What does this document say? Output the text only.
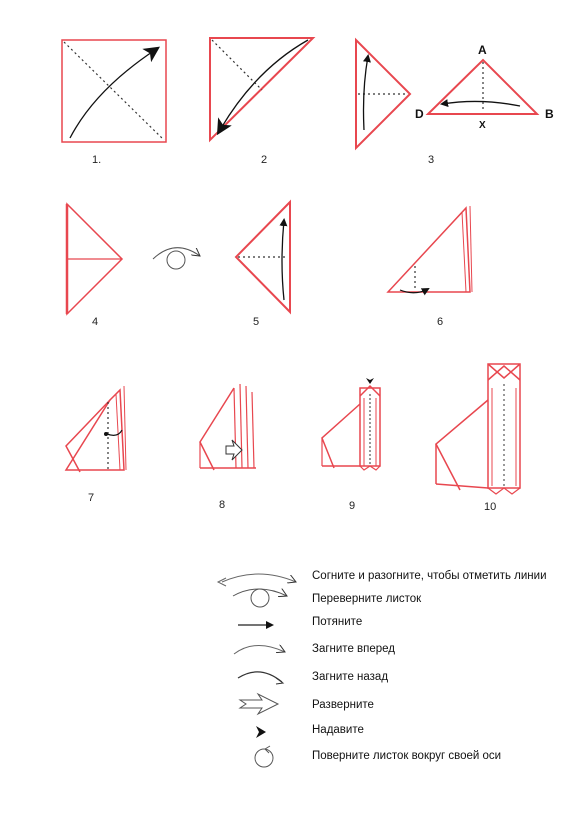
1.	2	3
4	5	6
7
8	9	10
A
B
D
X
Согните и разогните, чтобы отметить линии
Переверните листок
Потяните
Загните вперед
Загните назад
Разверните
Надавите
Поверните листок вокруг своей оси
